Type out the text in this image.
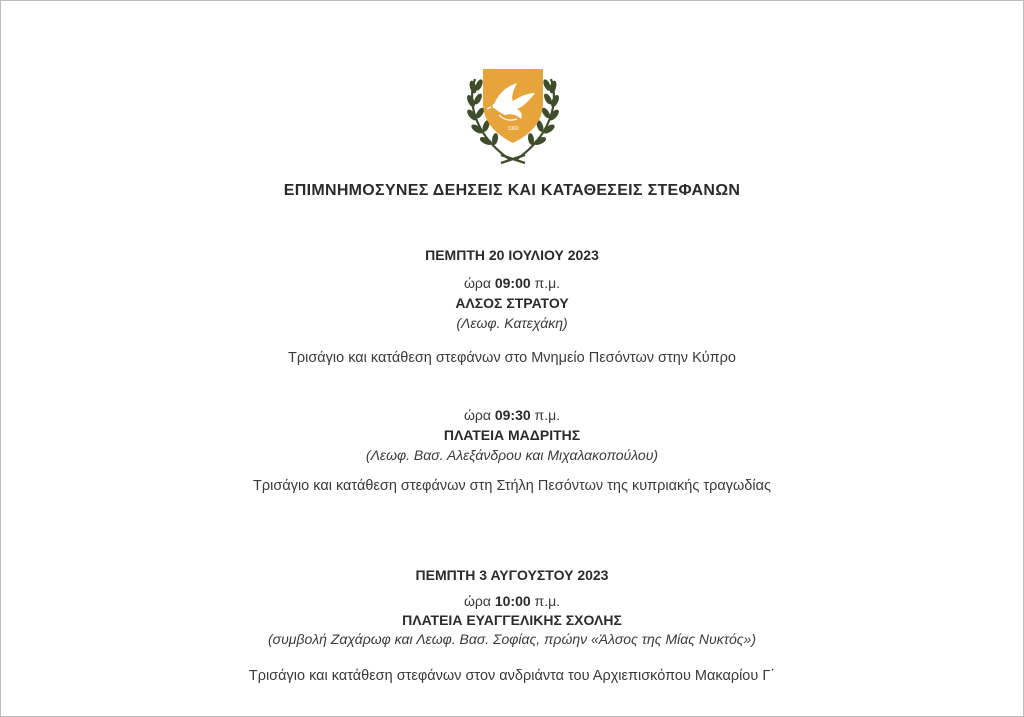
1960
ΕΠΙΜΝΗΜΟΣΥΝΕΣ ΔΕΗΣΕΙΣ ΚΑΙ ΚΑΤΑΘΕΣΕΙΣ ΣΤΕΦΑΝΩΝ
ΠΕΜΠΤΗ 20 ΙΟΥΛΙΟΥ 2023
ώρα 09:00 π.μ.
ΑΛΣΟΣ ΣΤΡΑΤΟΥ
(Λεωφ. Κατεχάκη)
Τρισάγιο και κατάθεση στεφάνων στο Μνημείο Πεσόντων στην Κύπρο
ώρα 09:30 π.μ.
ΠΛΑΤΕΙΑ ΜΑΔΡΙΤΗΣ
(Λεωφ. Βασ. Αλεξάνδρου και Μιχαλακοπούλου)
Τρισάγιο και κατάθεση στεφάνων στη Στήλη Πεσόντων της κυπριακής τραγωδίας
ΠΕΜΠΤΗ 3 ΑΥΓΟΥΣΤΟΥ 2023
ώρα 10:00 π.μ.
ΠΛΑΤΕΙΑ ΕΥΑΓΓΕΛΙΚΗΣ ΣΧΟΛΗΣ
(συμβολή Ζαχάρωφ και Λεωφ. Βασ. Σοφίας, πρώην «Άλσος της Μίας Νυκτός»)
Τρισάγιο και κατάθεση στεφάνων στον ανδριάντα του Αρχιεπισκόπου Μακαρίου Γ΄
